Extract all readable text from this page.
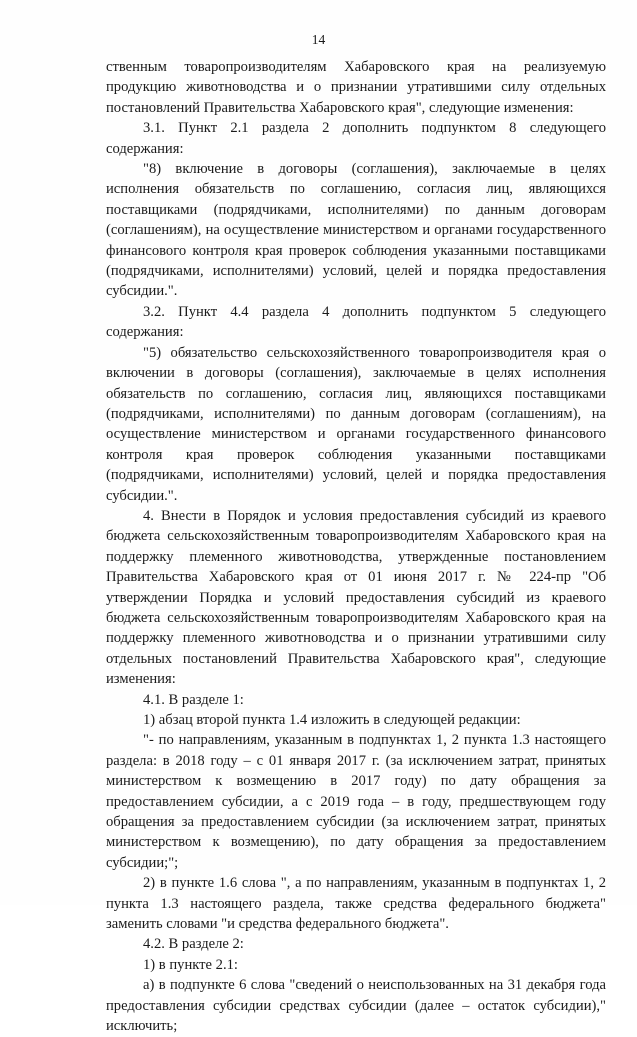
14

ственным товаропроизводителям Хабаровского края на реализуемую продукцию животноводства и о признании утратившими силу отдельных постановлений Правительства Хабаровского края", следующие изменения:

3.1. Пункт 2.1 раздела 2 дополнить подпунктом 8 следующего содержания:

"8) включение в договоры (соглашения), заключаемые в целях исполнения обязательств по соглашению, согласия лиц, являющихся поставщиками (подрядчиками, исполнителями) по данным договорам (соглашениям), на осуществление министерством и органами государственного финансового контроля края проверок соблюдения указанными поставщиками (подрядчиками, исполнителями) условий, целей и порядка предоставления субсидии.".

3.2. Пункт 4.4 раздела 4 дополнить подпунктом 5 следующего содержания:

"5) обязательство сельскохозяйственного товаропроизводителя края о включении в договоры (соглашения), заключаемые в целях исполнения обязательств по соглашению, согласия лиц, являющихся поставщиками (подрядчиками, исполнителями) по данным договорам (соглашениям), на осуществление министерством и органами государственного финансового контроля края проверок соблюдения указанными поставщиками (подрядчиками, исполнителями) условий, целей и порядка предоставления субсидии.".

4. Внести в Порядок и условия предоставления субсидий из краевого бюджета сельскохозяйственным товаропроизводителям Хабаровского края на поддержку племенного животноводства, утвержденные постановлением Правительства Хабаровского края от 01 июня 2017 г. № 224-пр "Об утверждении Порядка и условий предоставления субсидий из краевого бюджета сельскохозяйственным товаропроизводителям Хабаровского края на поддержку племенного животноводства и о признании утратившими силу отдельных постановлений Правительства Хабаровского края", следующие изменения:

4.1. В разделе 1:

1) абзац второй пункта 1.4 изложить в следующей редакции:

"- по направлениям, указанным в подпунктах 1, 2 пункта 1.3 настоящего раздела: в 2018 году – с 01 января 2017 г. (за исключением затрат, принятых министерством к возмещению в 2017 году) по дату обращения за предоставлением субсидии, а с 2019 года – в году, предшествующем году обращения за предоставлением субсидии (за исключением затрат, принятых министерством к возмещению), по дату обращения за предоставлением субсидии;";

2) в пункте 1.6 слова ", а по направлениям, указанным в подпунктах 1, 2 пункта 1.3 настоящего раздела, также средства федерального бюджета" заменить словами "и средства федерального бюджета".

4.2. В разделе 2:

1) в пункте 2.1:

а) в подпункте 6 слова "сведений о неиспользованных на 31 декабря года предоставления субсидии средствах субсидии (далее – остаток субсидии)," исключить;
